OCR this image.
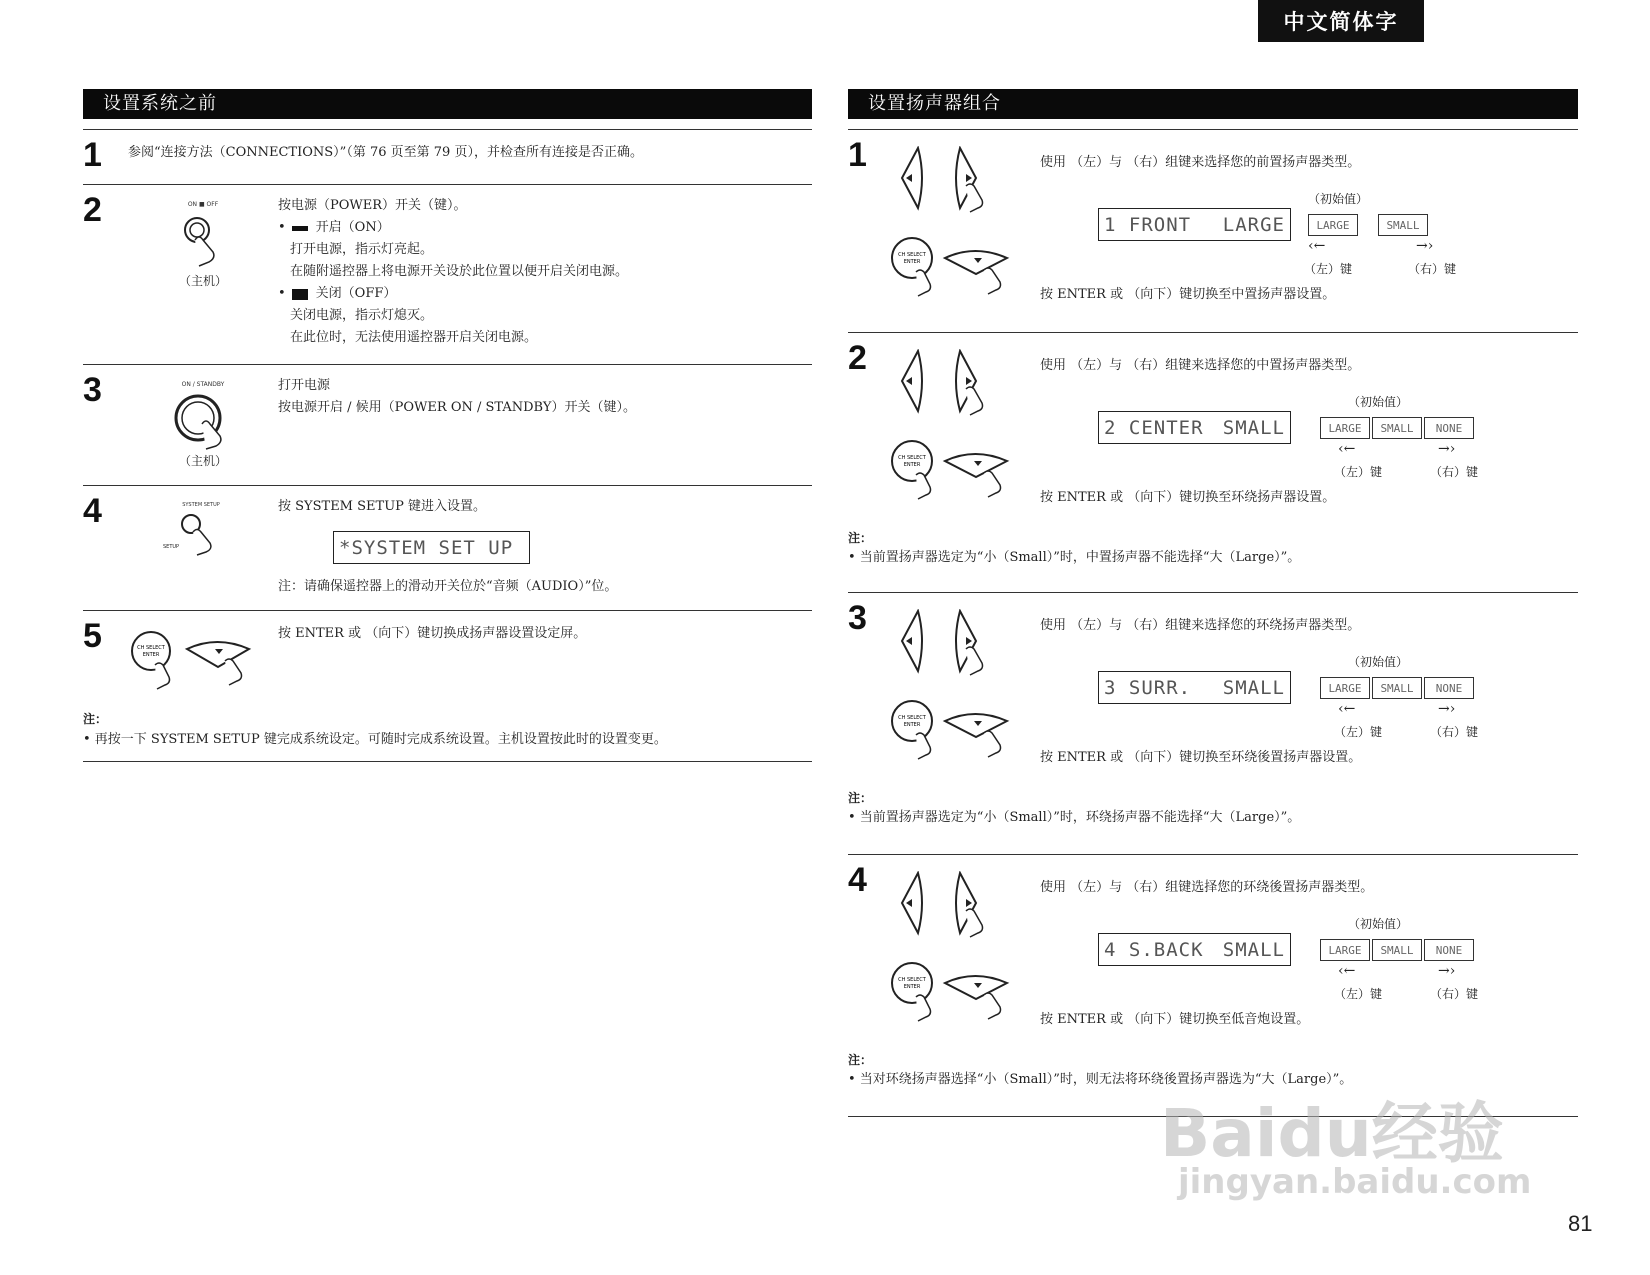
中文简体字
设置系统之前
1 参阅“连接方法（CONNECTIONS）”（第 76 页至第 79 页），并检查所有连接是否正确。
2	ON ■ OFF
（主机）
按电源（POWER）开关（键）。
• 开启（ON）
打开电源，指示灯亮起。
在随附遥控器上将电源开关设於此位置以便开启关闭电源。
• 关闭（OFF）
关闭电源，指示灯熄灭。
在此位时，无法使用遥控器开启关闭电源。
3	ON / STANDBY
（主机）
打开电源
按电源开启 / 候用（POWER ON / STANDBY）开关（键）。
4	SYSTEM SETUP
SETUP
按 SYSTEM SETUP 键进入设置。
*SYSTEM SET UP
注：请确保遥控器上的滑动开关位於“音频（AUDIO）”位。
5	CH SELECT
ENTER
按 ENTER 或 （向下）键切换成扬声器设置设定屏。
注：
• 再按一下 SYSTEM SETUP 键完成系统设定。可随时完成系统设置。主机设置按此时的设置变更。
设置扬声器组合
1
CH SELECT
ENTER
使用 （左）与 （右）组键来选择您的前置扬声器类型。
（初始值）
1 FRONT	LARGE	LARGE	SMALL
‹←	→›
（左）键	（右）键
按 ENTER 或 （向下）键切换至中置扬声器设置。
2
CH SELECT
ENTER
使用 （左）与 （右）组键来选择您的中置扬声器类型。
（初始值）
2 CENTER	SMALL	LARGE	SMALL	NONE
‹←	→›
（左）键	（右）键
按 ENTER 或 （向下）键切换至环绕扬声器设置。
注：
• 当前置扬声器选定为“小（Small）”时，中置扬声器不能选择“大（Large）”。
3
CH SELECT
ENTER
使用 （左）与 （右）组键来选择您的环绕扬声器类型。
（初始值）
3 SURR.	SMALL	LARGE	SMALL	NONE
‹←	→›
（左）键	（右）键
按 ENTER 或 （向下）键切换至环绕後置扬声器设置。
注：
• 当前置扬声器选定为“小（Small）”时，环绕扬声器不能选择“大（Large）”。
4
CH SELECT
ENTER
使用 （左）与 （右）组键选择您的环绕後置扬声器类型。
（初始值）
4 S.BACK	SMALL	LARGE	SMALL	NONE
‹←	→›
（左）键	（右）键
按 ENTER 或 （向下）键切换至低音炮设置。
注：
• 当对环绕扬声器选择“小（Small）”时，则无法将环绕後置扬声器选为“大（Large）”。
81
Baidu经验
jingyan.baidu.com
